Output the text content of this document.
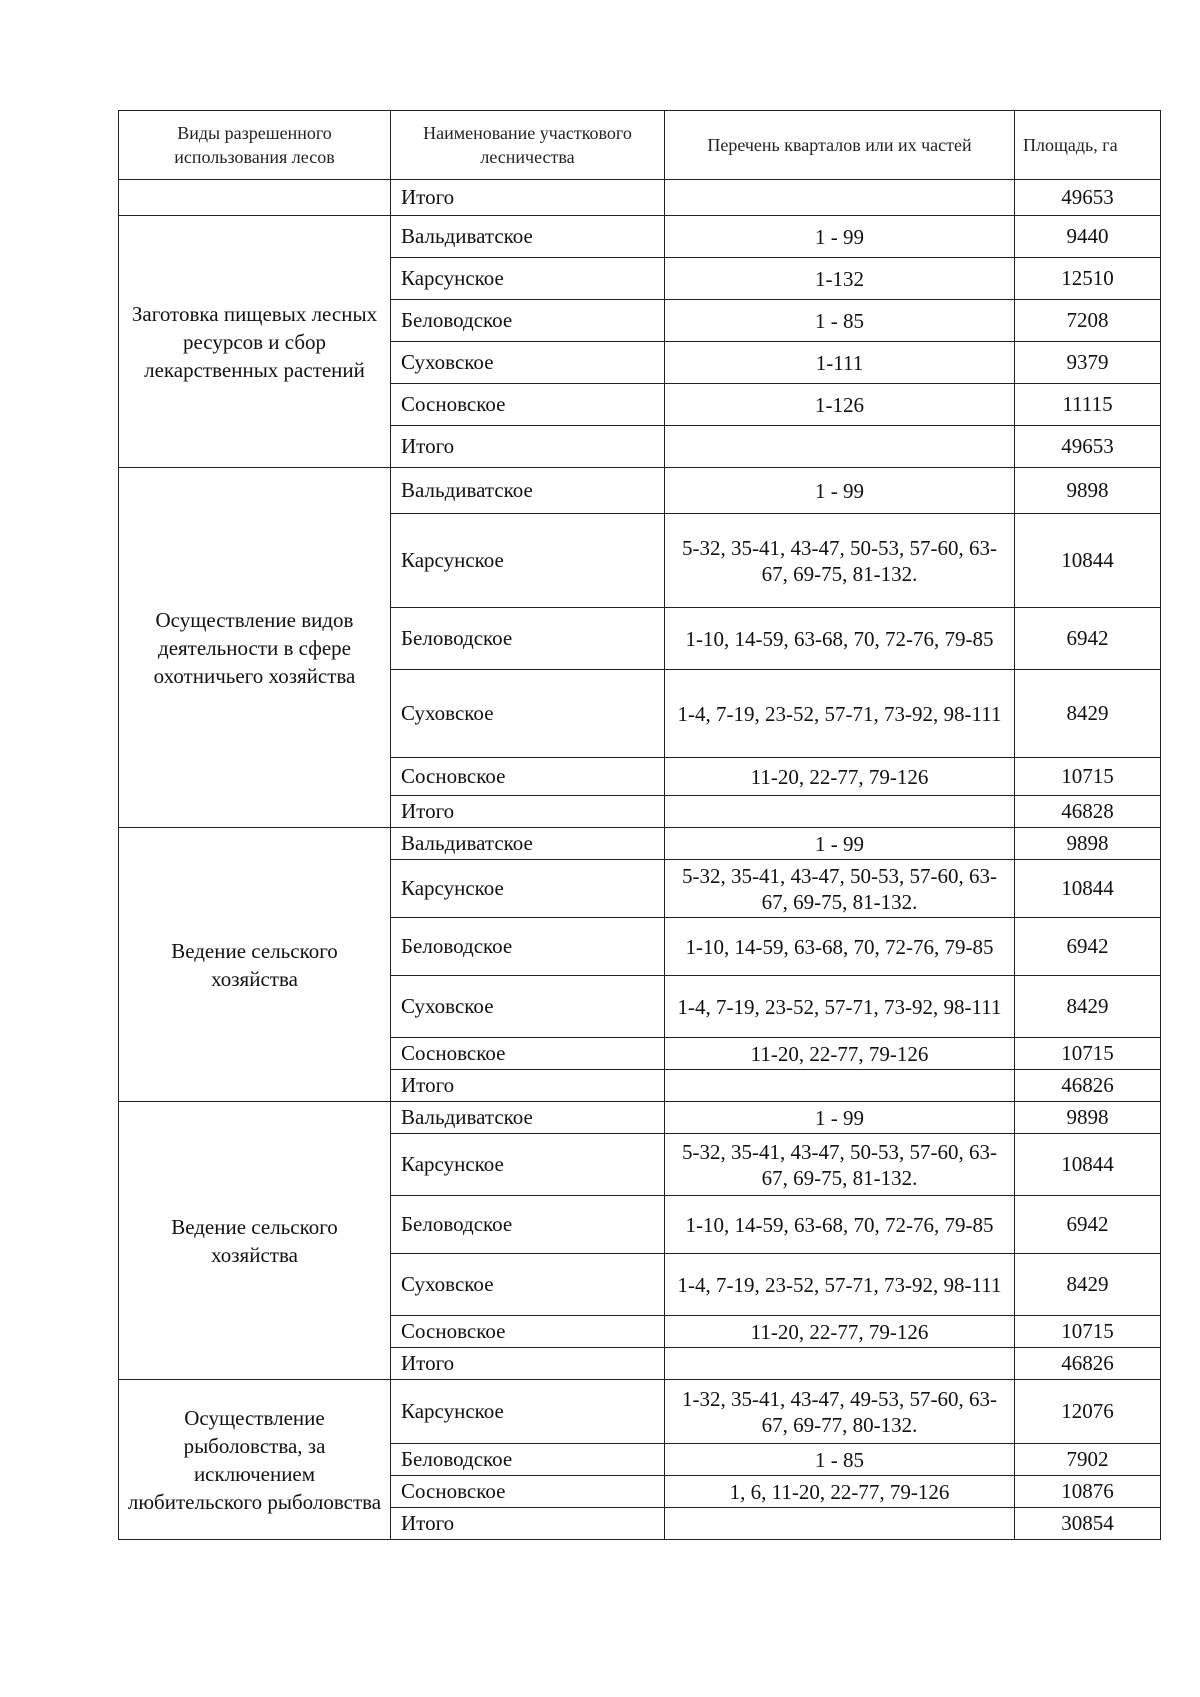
Виды разрешенного использования лесов	Наименование участкового лесничества	Перечень кварталов или их частей	Площадь, га
	Итого		49653
Заготовка пищевых лесных ресурсов и сбор лекарственных растений	Вальдиватское	1 - 99	9440
	Карсунское	1-132	12510
	Беловодское	1 - 85	7208
	Суховское	1-111	9379
	Сосновское	1-126	11115
	Итого		49653
Осуществление видов деятельности в сфере охотничьего хозяйства	Вальдиватское	1 - 99	9898
	Карсунское	5-32, 35-41, 43-47, 50-53, 57-60, 63-67, 69-75, 81-132.	10844
	Беловодское	1-10, 14-59, 63-68, 70, 72-76, 79-85	6942
	Суховское	1-4, 7-19, 23-52, 57-71, 73-92, 98-111	8429
	Сосновское	11-20, 22-77, 79-126	10715
	Итого		46828
Ведение сельского хозяйства	Вальдиватское	1 - 99	9898
	Карсунское	5-32, 35-41, 43-47, 50-53, 57-60, 63-67, 69-75, 81-132.	10844
	Беловодское	1-10, 14-59, 63-68, 70, 72-76, 79-85	6942
	Суховское	1-4, 7-19, 23-52, 57-71, 73-92, 98-111	8429
	Сосновское	11-20, 22-77, 79-126	10715
	Итого		46826
Ведение сельского хозяйства	Вальдиватское	1 - 99	9898
	Карсунское	5-32, 35-41, 43-47, 50-53, 57-60, 63-67, 69-75, 81-132.	10844
	Беловодское	1-10, 14-59, 63-68, 70, 72-76, 79-85	6942
	Суховское	1-4, 7-19, 23-52, 57-71, 73-92, 98-111	8429
	Сосновское	11-20, 22-77, 79-126	10715
	Итого		46826
Осуществление рыболовства, за исключением любительского рыболовства	Карсунское	1-32, 35-41, 43-47, 49-53, 57-60, 63-67, 69-77, 80-132.	12076
	Беловодское	1 - 85	7902
	Сосновское	1, 6, 11-20, 22-77, 79-126	10876
	Итого		30854
